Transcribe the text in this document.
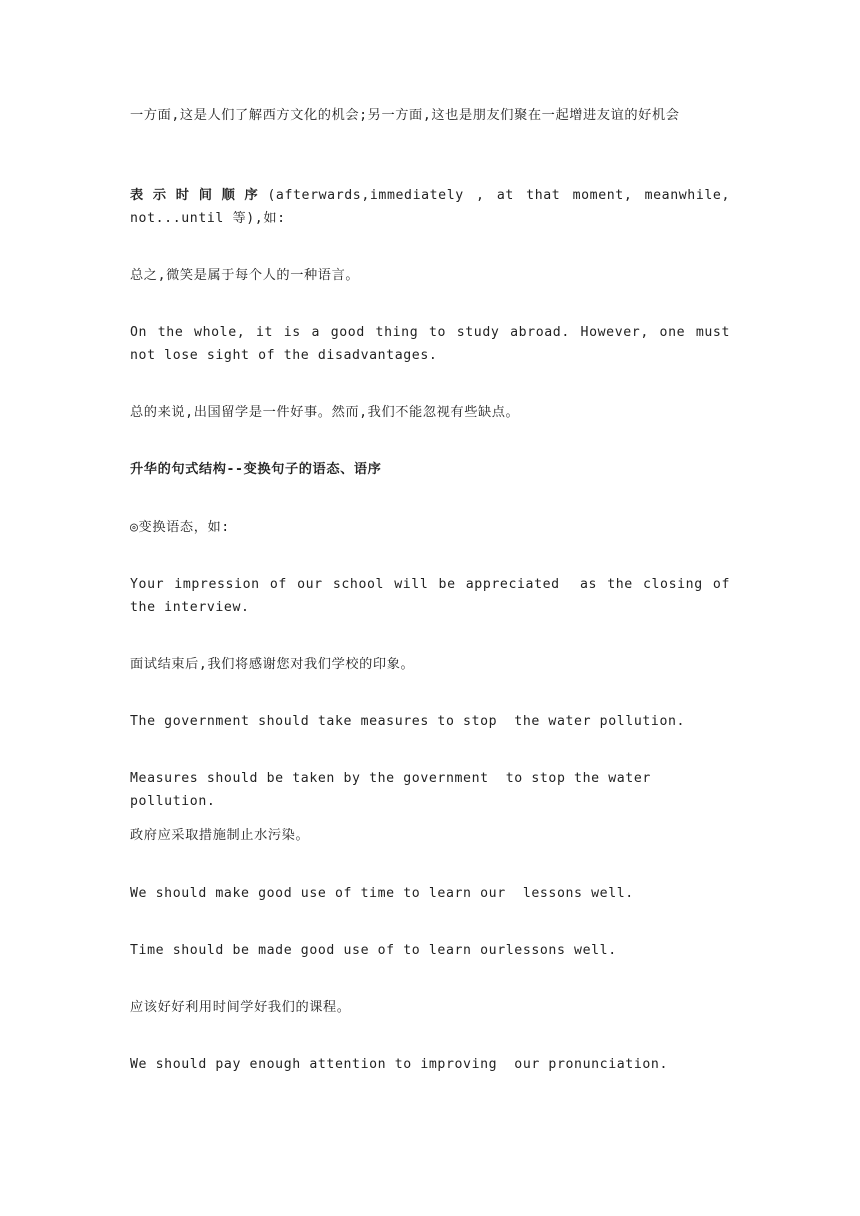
一方面,这是人们了解西方文化的机会;另一方面,这也是朋友们聚在一起增进友谊的好机会

表示时间顺序(afterwards,immediately , at that moment, meanwhile, not...until 等),如:

总之,微笑是属于每个人的一种语言。

On the whole, it is a good thing to study abroad. However, one must not lose sight of the disadvantages.

总的来说,出国留学是一件好事。然而,我们不能忽视有些缺点。

升华的句式结构--变换句子的语态、语序

◎变换语态，如:

Your impression of our school will be appreciated  as the closing of the interview.

面试结束后,我们将感谢您对我们学校的印象。

The government should take measures to stop  the water pollution.

Measures should be taken by the government  to stop the water pollution.

政府应采取措施制止水污染。

We should make good use of time to learn our  lessons well.

Time should be made good use of to learn ourlessons well.

应该好好利用时间学好我们的课程。

We should pay enough attention to improving  our pronunciation.
